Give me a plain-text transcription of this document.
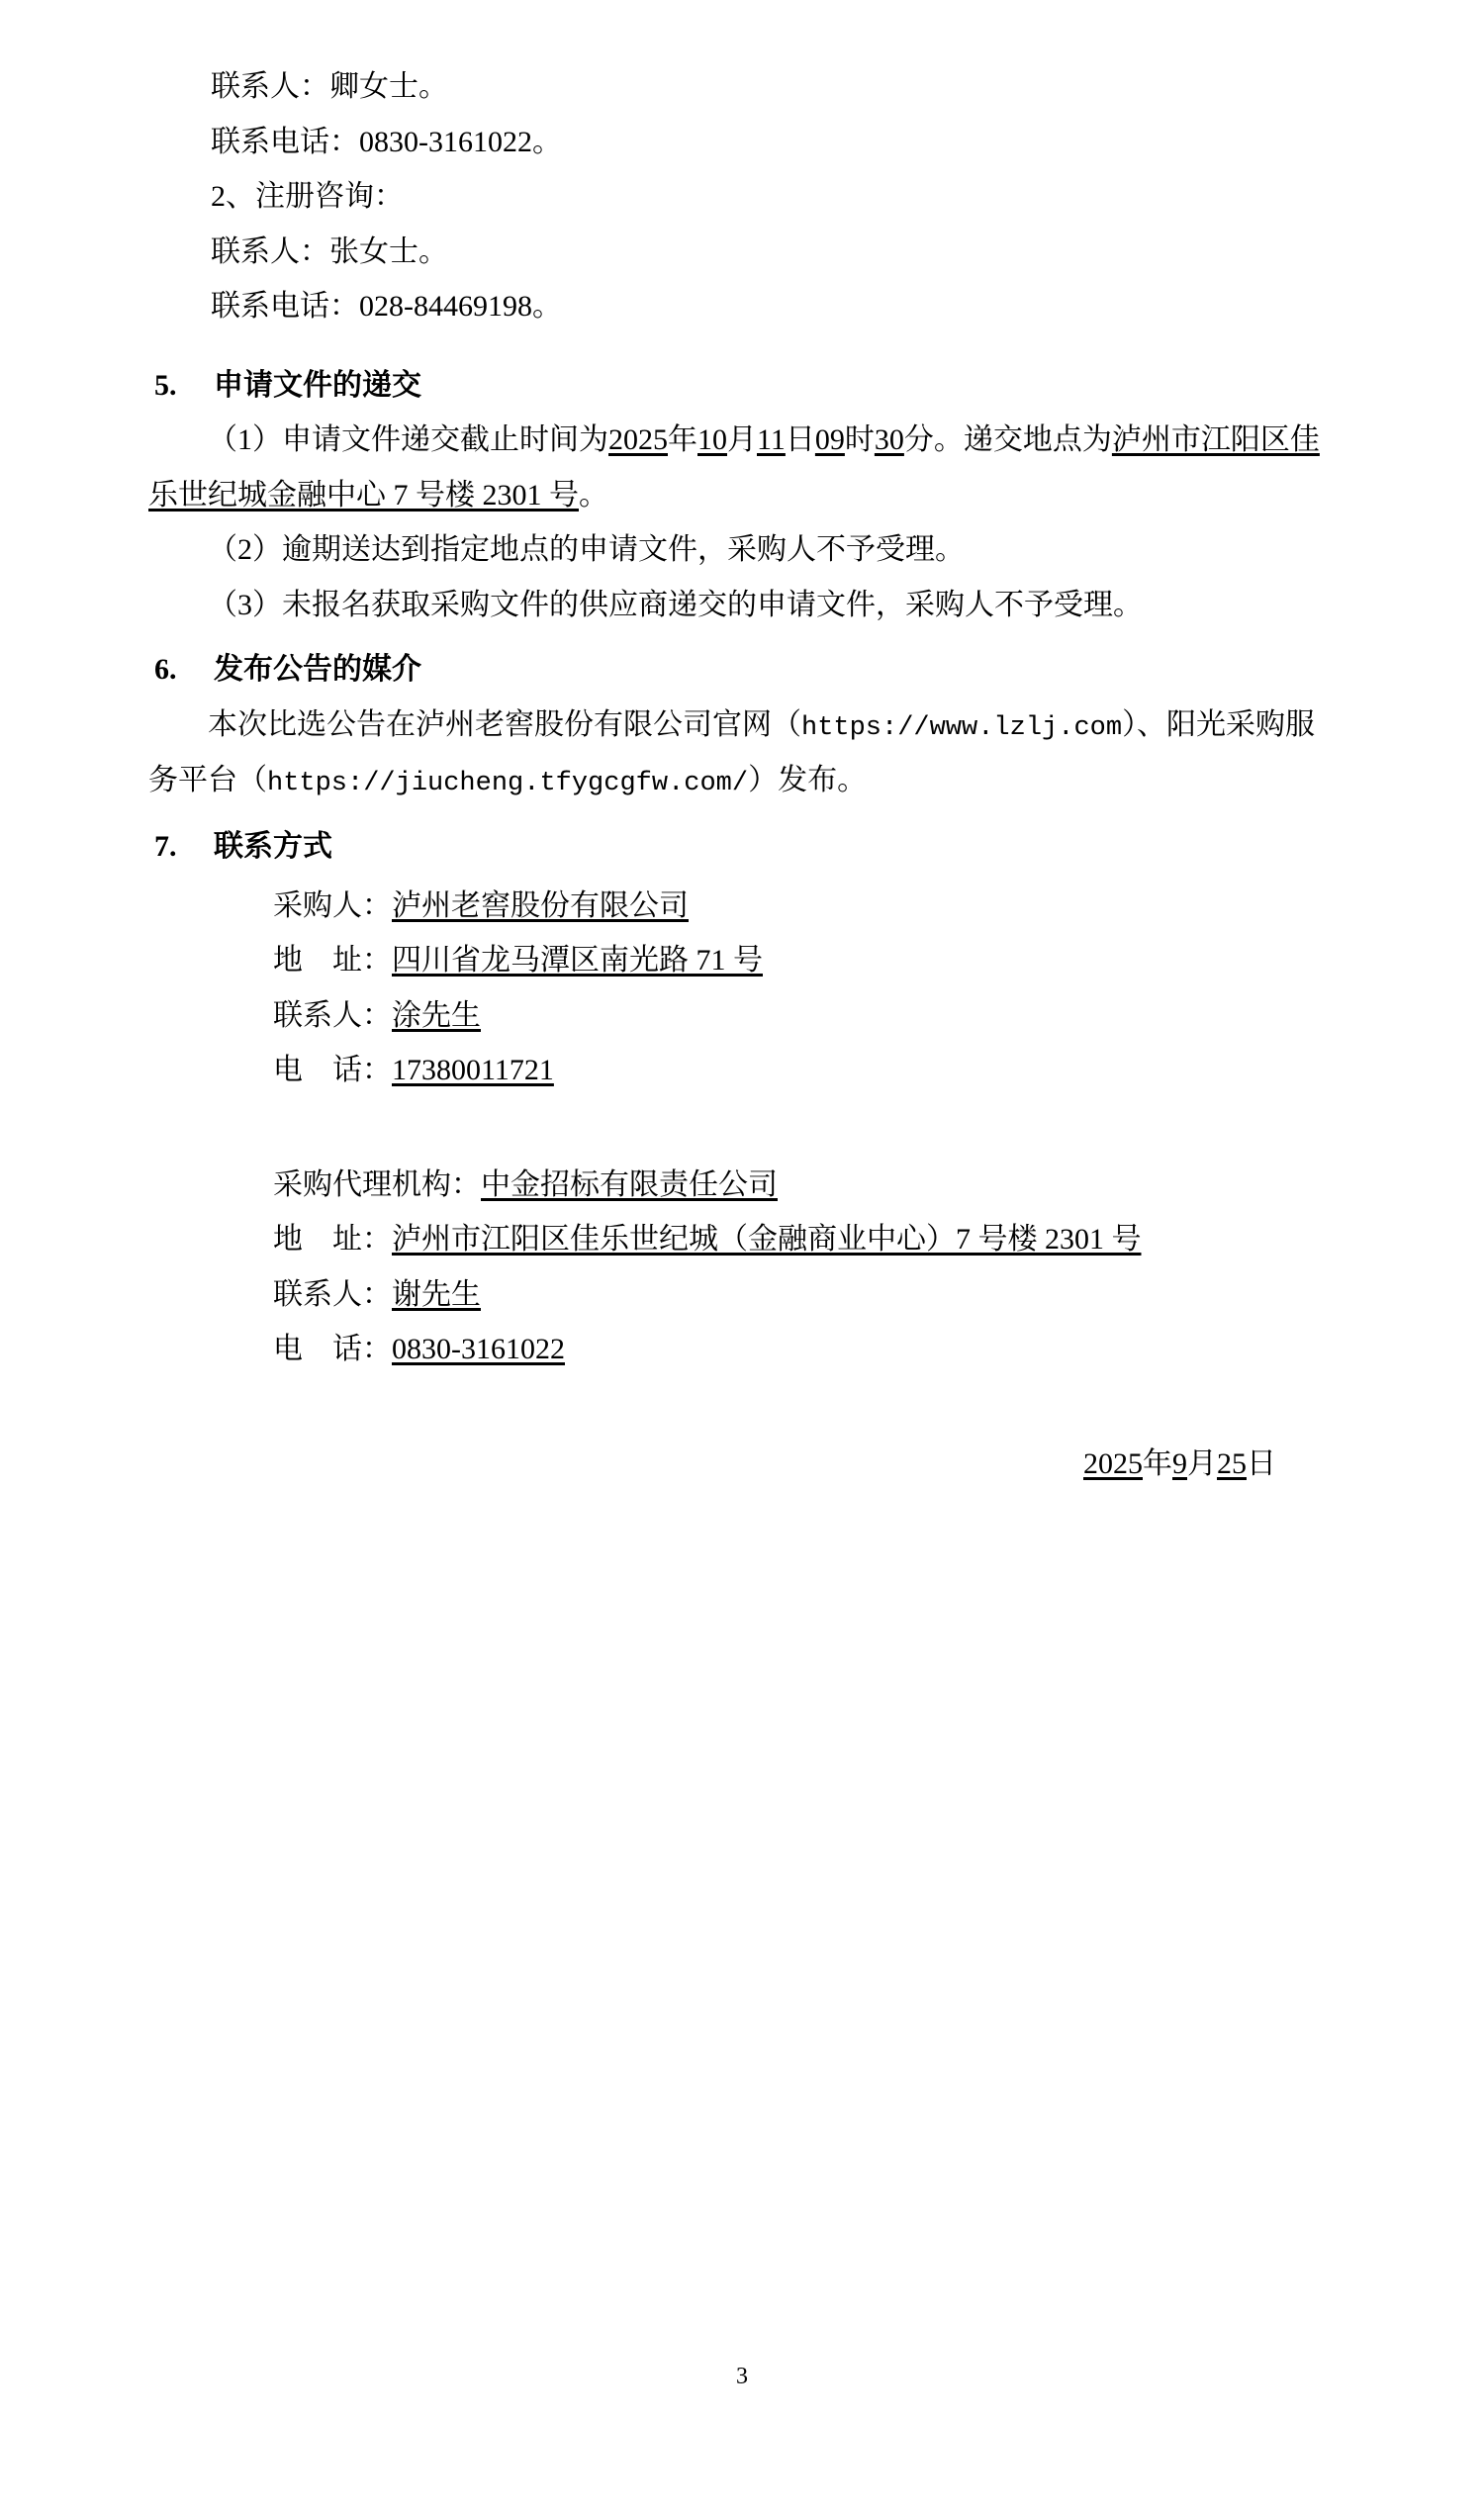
联系人：卿女士。
联系电话：0830-3161022。
2、注册咨询：
联系人：张女士。
联系电话：028-84469198。
5. 申请文件的递交
（1）申请文件递交截止时间为2025年10月11日09时30分。递交地点为泸州市江阳区佳乐世纪城金融中心 7 号楼 2301 号。
（2）逾期送达到指定地点的申请文件，采购人不予受理。
（3）未报名获取采购文件的供应商递交的申请文件，采购人不予受理。
6. 发布公告的媒介
本次比选公告在泸州老窖股份有限公司官网（https://www.lzlj.com）、阳光采购服务平台（https://jiucheng.tfygcgfw.com/）发布。
7. 联系方式
采购人：泸州老窖股份有限公司
地　址：四川省龙马潭区南光路 71 号
联系人：涂先生
电　话：17380011721
采购代理机构：中金招标有限责任公司
地　址：泸州市江阳区佳乐世纪城（金融商业中心）7 号楼 2301 号
联系人：谢先生
电　话：0830-3161022
2025年9月25日
3
